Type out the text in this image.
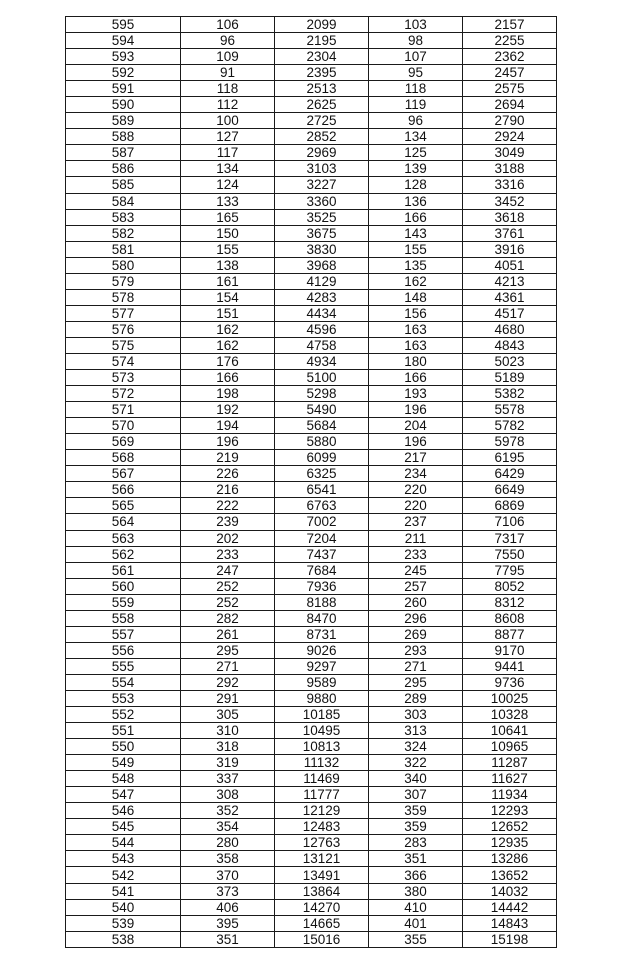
595	106	2099	103	2157
594	96	2195	98	2255
593	109	2304	107	2362
592	91	2395	95	2457
591	118	2513	118	2575
590	112	2625	119	2694
589	100	2725	96	2790
588	127	2852	134	2924
587	117	2969	125	3049
586	134	3103	139	3188
585	124	3227	128	3316
584	133	3360	136	3452
583	165	3525	166	3618
582	150	3675	143	3761
581	155	3830	155	3916
580	138	3968	135	4051
579	161	4129	162	4213
578	154	4283	148	4361
577	151	4434	156	4517
576	162	4596	163	4680
575	162	4758	163	4843
574	176	4934	180	5023
573	166	5100	166	5189
572	198	5298	193	5382
571	192	5490	196	5578
570	194	5684	204	5782
569	196	5880	196	5978
568	219	6099	217	6195
567	226	6325	234	6429
566	216	6541	220	6649
565	222	6763	220	6869
564	239	7002	237	7106
563	202	7204	211	7317
562	233	7437	233	7550
561	247	7684	245	7795
560	252	7936	257	8052
559	252	8188	260	8312
558	282	8470	296	8608
557	261	8731	269	8877
556	295	9026	293	9170
555	271	9297	271	9441
554	292	9589	295	9736
553	291	9880	289	10025
552	305	10185	303	10328
551	310	10495	313	10641
550	318	10813	324	10965
549	319	11132	322	11287
548	337	11469	340	11627
547	308	11777	307	11934
546	352	12129	359	12293
545	354	12483	359	12652
544	280	12763	283	12935
543	358	13121	351	13286
542	370	13491	366	13652
541	373	13864	380	14032
540	406	14270	410	14442
539	395	14665	401	14843
538	351	15016	355	15198
